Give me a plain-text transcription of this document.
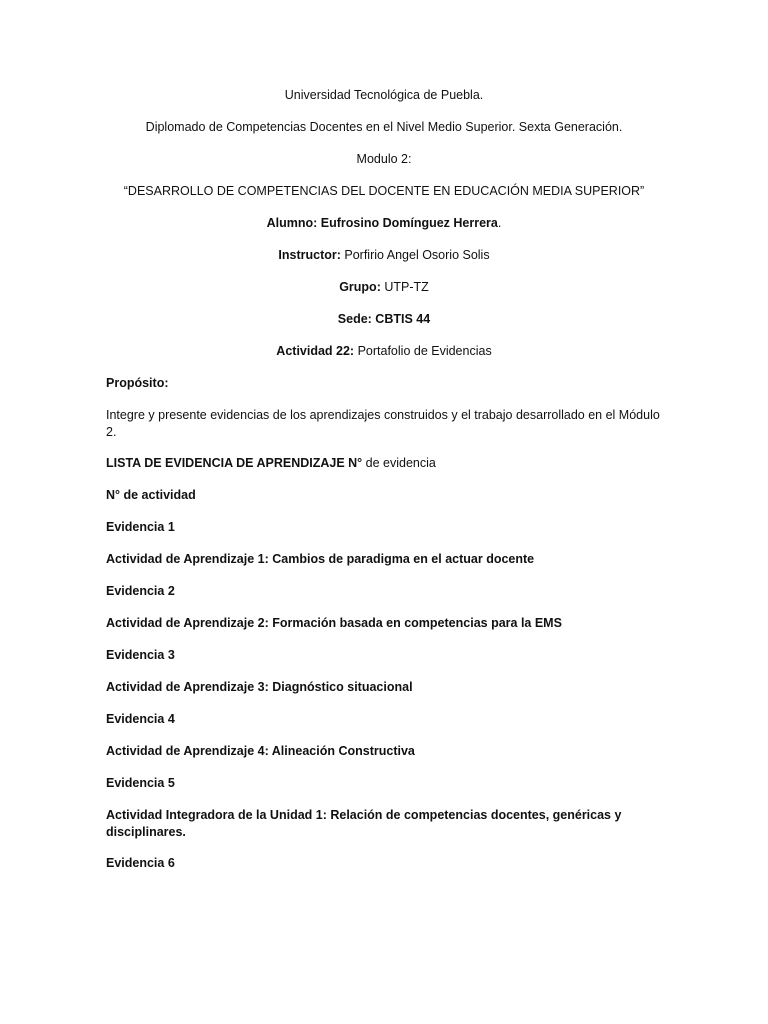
Universidad Tecnológica de Puebla.

Diplomado de Competencias Docentes en el Nivel Medio Superior. Sexta Generación.

Modulo 2:

“DESARROLLO DE COMPETENCIAS DEL DOCENTE EN EDUCACIÓN MEDIA SUPERIOR”

Alumno: Eufrosino Domínguez Herrera.

Instructor: Porfirio Angel Osorio Solis

Grupo: UTP-TZ

Sede: CBTIS 44

Actividad 22: Portafolio de Evidencias

Propósito:

Integre y presente evidencias de los aprendizajes construidos y el trabajo desarrollado en el Módulo 2.

LISTA DE EVIDENCIA DE APRENDIZAJE N° de evidencia

N° de actividad

Evidencia 1

Actividad de Aprendizaje 1: Cambios de paradigma en el actuar docente

Evidencia 2

Actividad de Aprendizaje 2: Formación basada en competencias para la EMS

Evidencia 3

Actividad de Aprendizaje 3: Diagnóstico situacional

Evidencia 4

Actividad de Aprendizaje 4: Alineación Constructiva

Evidencia 5

Actividad Integradora de la Unidad 1: Relación de competencias docentes, genéricas y disciplinares.

Evidencia 6
